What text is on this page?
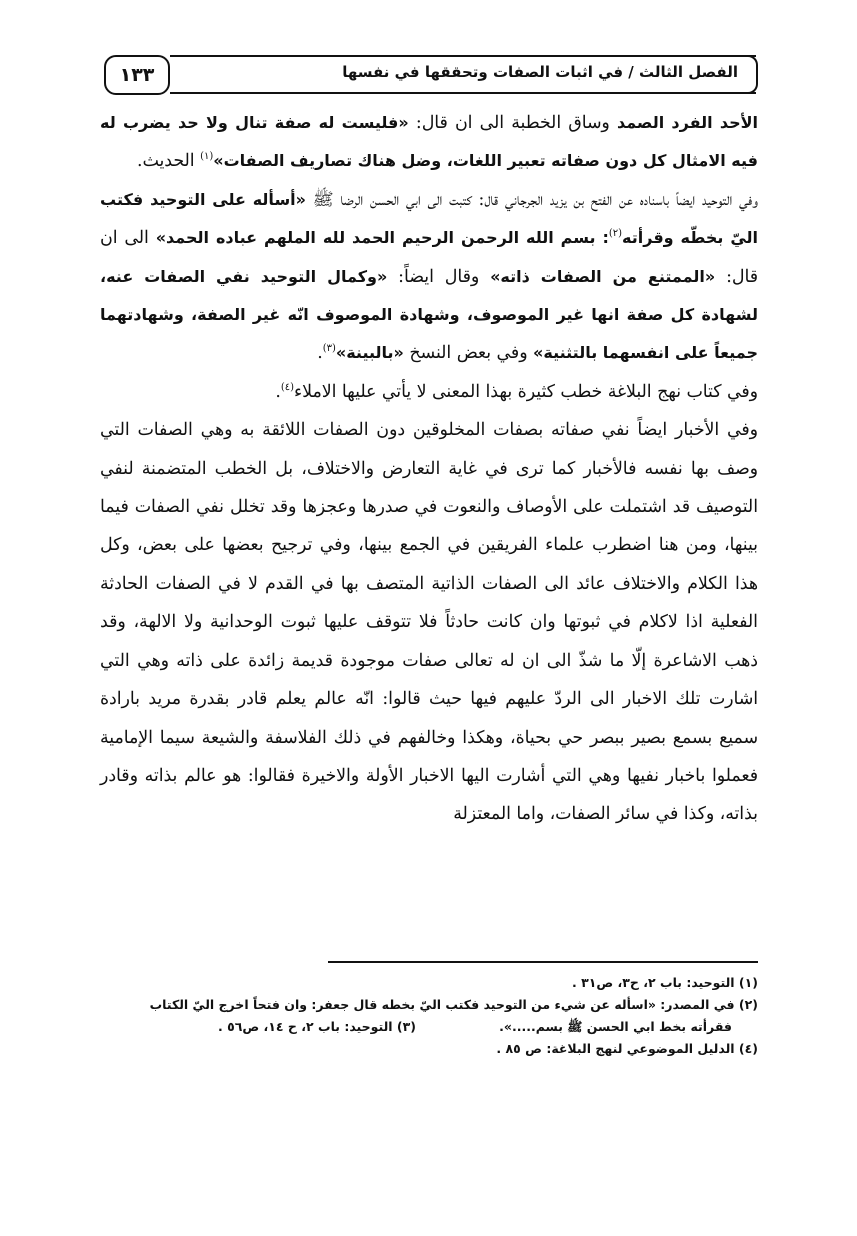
١٣٣	الفصل الثالث / في اثبات الصفات وتحققها في نفسها

الأحد الفرد الصمد وساق الخطبة الى ان قال: «فليست له صفة تنال ولا حد يضرب له فيه الامثال كل دون صفاته تعبير اللغات، وضل هناك تصاريف الصفات»$^{(١)}$ الحديث.

وفي التوحيد ايضاً باسناده عن الفتح بن يزيد الجرجاني قال: كتبت الى ابي الحسن الرضا ﷺ «أسأله على التوحيد فكتب اليّ بخطّه وقرأته$^{(٢)}$: بسم الله الرحمن الرحيم الحمد لله الملهم عباده الحمد» الى ان قال: «الممتنع من الصفات ذاته» وقال ايضاً: «وكمال التوحيد نفي الصفات عنه، لشهادة كل صفة انها غير الموصوف، وشهادة الموصوف انّه غير الصفة، وشهادتهما جميعاً على انفسهما بالتثنية» وفي بعض النسخ «بالبينة»$^{(٣)}$.

وفي كتاب نهج البلاغة خطب كثيرة بهذا المعنى لا يأتي عليها الاملاء$^{(٤)}$.

وفي الأخبار ايضاً نفي صفاته بصفات المخلوقين دون الصفات اللائقة به وهي الصفات التي وصف بها نفسه فالأخبار كما ترى في غاية التعارض والاختلاف، بل الخطب المتضمنة لنفي التوصيف قد اشتملت على الأوصاف والنعوت في صدرها وعجزها وقد تخلل نفي الصفات فيما بينها، ومن هنا اضطرب علماء الفريقين في الجمع بينها، وفي ترجيح بعضها على بعض، وكل هذا الكلام والاختلاف عائد الى الصفات الذاتية المتصف بها في القدم لا في الصفات الحادثة الفعلية اذا لاكلام في ثبوتها وان كانت حادثاً فلا تتوقف عليها ثبوت الوحدانية ولا الالهة، وقد ذهب الاشاعرة إلّا ما شذّ الى ان له تعالى صفات موجودة قديمة زائدة على ذاته وهي التي اشارت تلك الاخبار الى الردّ عليهم فيها حيث قالوا: انّه عالم يعلم قادر بقدرة مريد بارادة سميع بسمع بصير ببصر حي بحياة، وهكذا وخالفهم في ذلك الفلاسفة والشيعة سيما الإمامية فعملوا باخبار نفيها وهي التي أشارت اليها الاخبار الأولة والاخيرة فقالوا: هو عالم بذاته وقادر بذاته، وكذا في سائر الصفات، واما المعتزلة

(١) التوحيد: باب ٢، ح٣، ص٣١ .

(٢) في المصدر: «اسأله عن شيء من التوحيد فكتب اليّ بخطه قال جعفر: وان فتحاً اخرج اليّ الكتاب

فقرأته بخط ابي الحسن ﷺ بسم.....».
(٣) التوحيد: باب ٢، ح ١٤، ص٥٦ .

(٤) الدليل الموضوعي لنهج البلاغة: ص ٨٥ .
